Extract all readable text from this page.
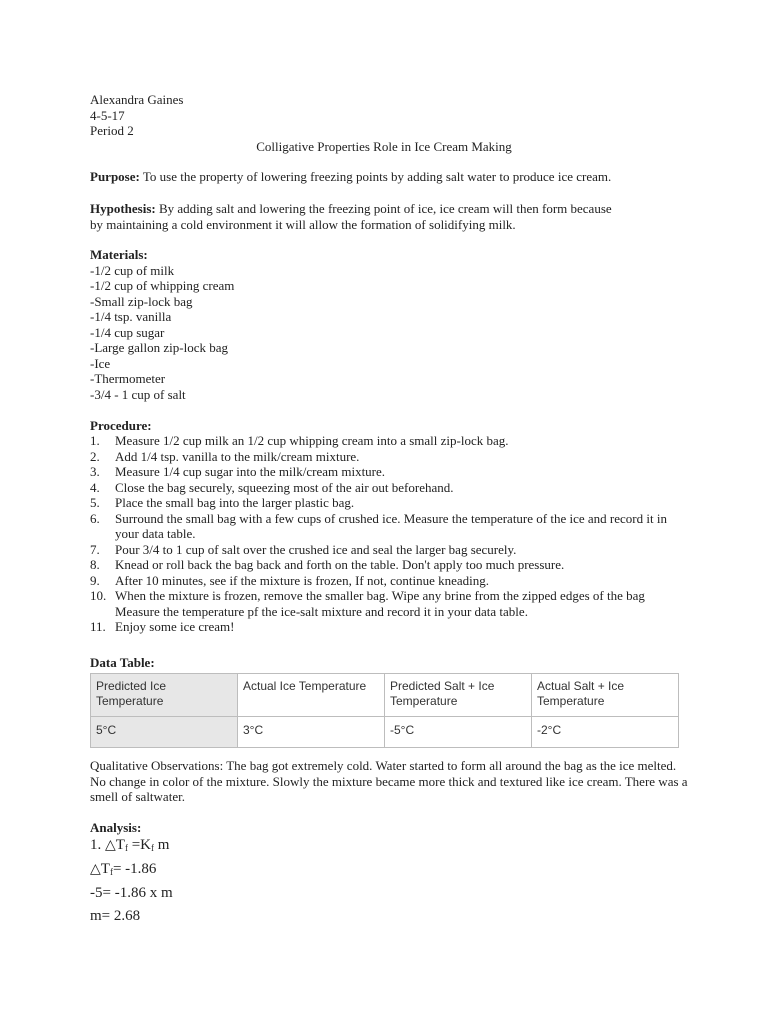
Alexandra Gaines
4-5-17
Period 2
Colligative Properties Role in Ice Cream Making
Purpose: To use the property of lowering freezing points by adding salt water to produce ice cream.
Hypothesis: By adding salt and lowering the freezing point of ice, ice cream will then form because
by maintaining a cold environment it will allow the formation of solidifying milk.
Materials:
-1/2 cup of milk
-1/2 cup of whipping cream
-Small zip-lock bag
-1/4 tsp. vanilla
-1/4 cup sugar
-Large gallon zip-lock bag
-Ice
-Thermometer
-3/4 - 1 cup of salt
Procedure:
1. Measure 1/2 cup milk an 1/2 cup whipping cream into a small zip-lock bag.
2. Add 1/4 tsp. vanilla to the milk/cream mixture.
3. Measure 1/4 cup sugar into the milk/cream mixture.
4. Close the bag securely, squeezing most of the air out beforehand.
5. Place the small bag into the larger plastic bag.
6. Surround the small bag with a few cups of crushed ice. Measure the temperature of the ice and record it in your data table.
7. Pour 3/4 to 1 cup of salt over the crushed ice and seal the larger bag securely.
8. Knead or roll back the bag back and forth on the table. Don't apply too much pressure.
9. After 10 minutes, see if the mixture is frozen, If not, continue kneading.
10. When the mixture is frozen, remove the smaller bag. Wipe any brine from the zipped edges of the bag Measure the temperature pf the ice-salt mixture and record it in your data table.
11. Enjoy some ice cream!
Data Table:
Predicted Ice Temperature	Actual Ice Temperature	Predicted Salt + Ice Temperature	Actual Salt + Ice Temperature
5°C	3°C	-5°C	-2°C
Qualitative Observations: The bag got extremely cold. Water started to form all around the bag as the ice melted. No change in color of the mixture. Slowly the mixture became more thick and textured like ice cream. There was a smell of saltwater.
Analysis:
1. $\triangle T_f =K_f$ m
$\triangle T_f= -1.86$
-5= -1.86 x m
m= 2.68
